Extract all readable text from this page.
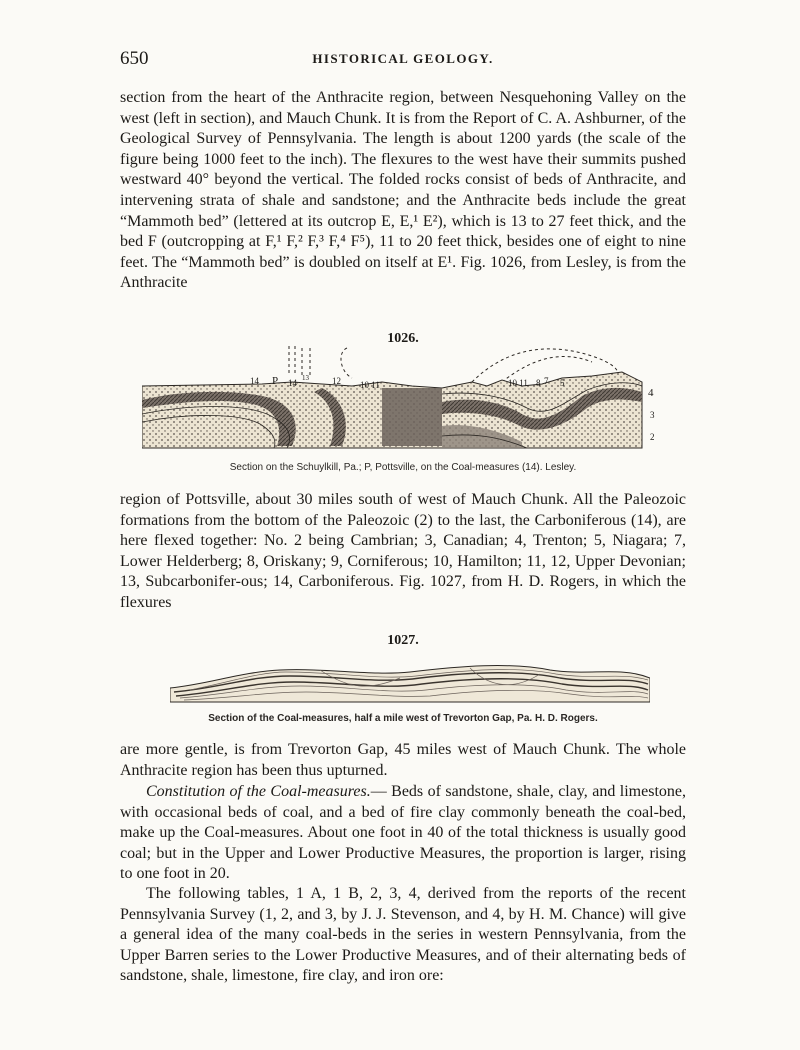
650	HISTORICAL GEOLOGY.

section from the heart of the Anthracite region, between Nesquehoning Valley on the west (left in section), and Mauch Chunk. It is from the Report of C. A. Ashburner, of the Geological Survey of Pennsylvania. The length is about 1200 yards (the scale of the figure being 1000 feet to the inch). The flexures to the west have their summits pushed westward 40° beyond the vertical. The folded rocks consist of beds of Anthracite, and intervening strata of shale and sandstone; and the Anthracite beds include the great “Mammoth bed” (lettered at its outcrop E, E,¹ E²), which is 13 to 27 feet thick, and the bed F (outcropping at F,¹ F,² F,³ F,⁴ F⁵), 11 to 20 feet thick, besides one of eight to nine feet. The “Mammoth bed” is doubled on itself at E¹. Fig. 1026, from Lesley, is from the Anthracite

1026.
14 P 14 13	12 10 11	10 11 8 7 5
4
3
2
Section on the Schuylkill, Pa.; P, Pottsville, on the Coal-measures (14). Lesley.

region of Pottsville, about 30 miles south of west of Mauch Chunk. All the Paleozoic formations from the bottom of the Paleozoic (2) to the last, the Carboniferous (14), are here flexed together: No. 2 being Cambrian; 3, Canadian; 4, Trenton; 5, Niagara; 7, Lower Helderberg; 8, Oriskany; 9, Corniferous; 10, Hamilton; 11, 12, Upper Devonian; 13, Subcarbonifer-ous; 14, Carboniferous. Fig. 1027, from H. D. Rogers, in which the flexures

1027.
Section of the Coal-measures, half a mile west of Trevorton Gap, Pa. H. D. Rogers.

are more gentle, is from Trevorton Gap, 45 miles west of Mauch Chunk. The whole Anthracite region has been thus upturned.

Constitution of the Coal-measures.— Beds of sandstone, shale, clay, and limestone, with occasional beds of coal, and a bed of fire clay commonly beneath the coal-bed, make up the Coal-measures. About one foot in 40 of the total thickness is usually good coal; but in the Upper and Lower Productive Measures, the proportion is larger, rising to one foot in 20.

The following tables, 1 A, 1 B, 2, 3, 4, derived from the reports of the recent Pennsylvania Survey (1, 2, and 3, by J. J. Stevenson, and 4, by H. M. Chance) will give a general idea of the many coal-beds in the series in western Pennsylvania, from the Upper Barren series to the Lower Productive Measures, and of their alternating beds of sandstone, shale, limestone, fire clay, and iron ore:
